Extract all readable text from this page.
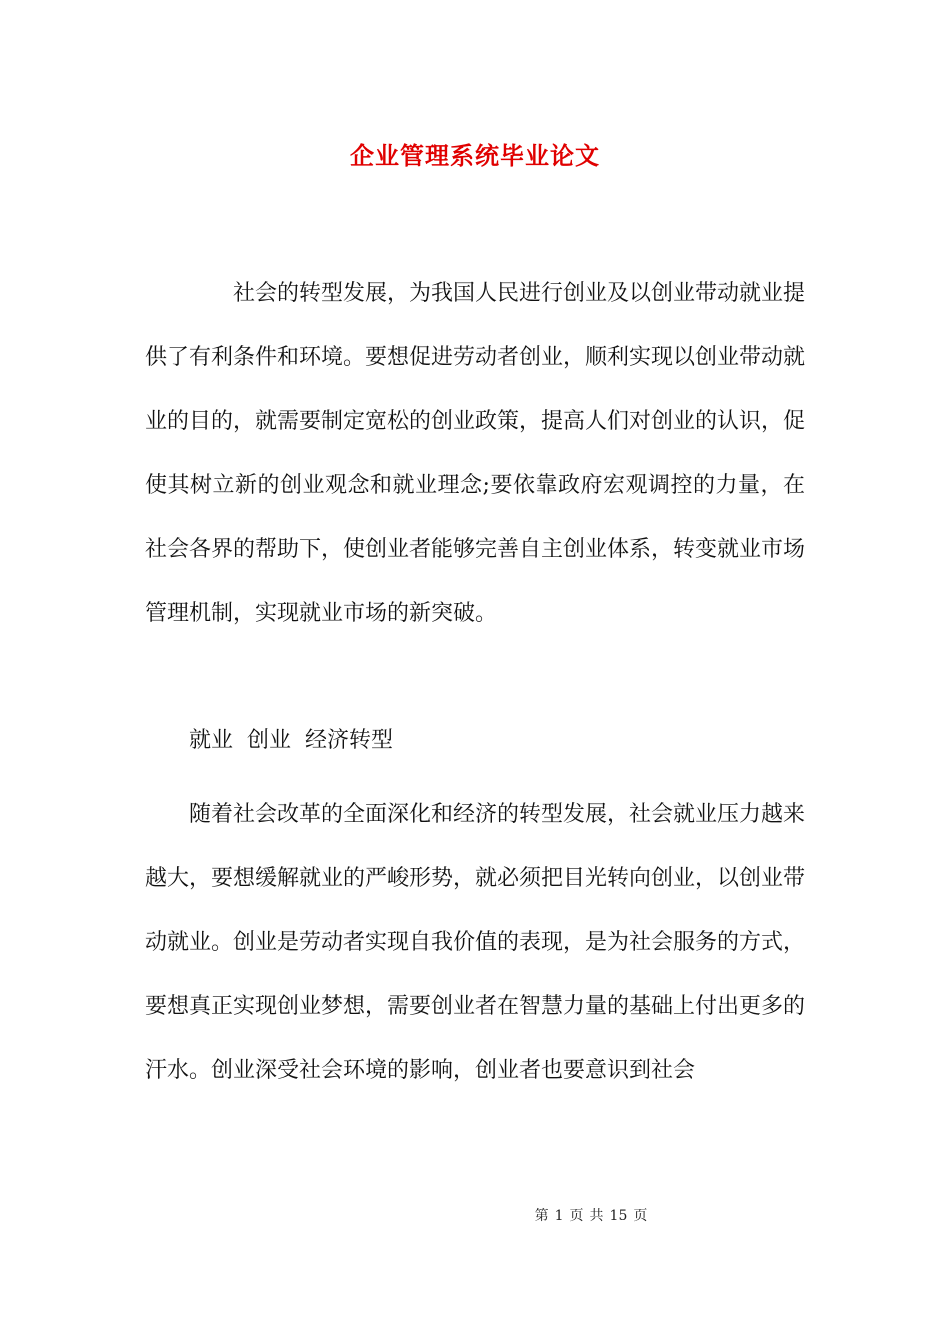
企业管理系统毕业论文
社会的转型发展，为我国人民进行创业及以创业带动就业提供了有利条件和环境。要想促进劳动者创业，顺利实现以创业带动就业的目的，就需要制定宽松的创业政策，提高人们对创业的认识，促使其树立新的创业观念和就业理念;要依靠政府宏观调控的力量，在社会各界的帮助下，使创业者能够完善自主创业体系，转变就业市场管理机制，实现就业市场的新突破。
就业  创业  经济转型
随着社会改革的全面深化和经济的转型发展，社会就业压力越来越大，要想缓解就业的严峻形势，就必须把目光转向创业，以创业带动就业。创业是劳动者实现自我价值的表现，是为社会服务的方式，要想真正实现创业梦想，需要创业者在智慧力量的基础上付出更多的汗水。创业深受社会环境的影响，创业者也要意识到社会
第 1 页 共 15 页
